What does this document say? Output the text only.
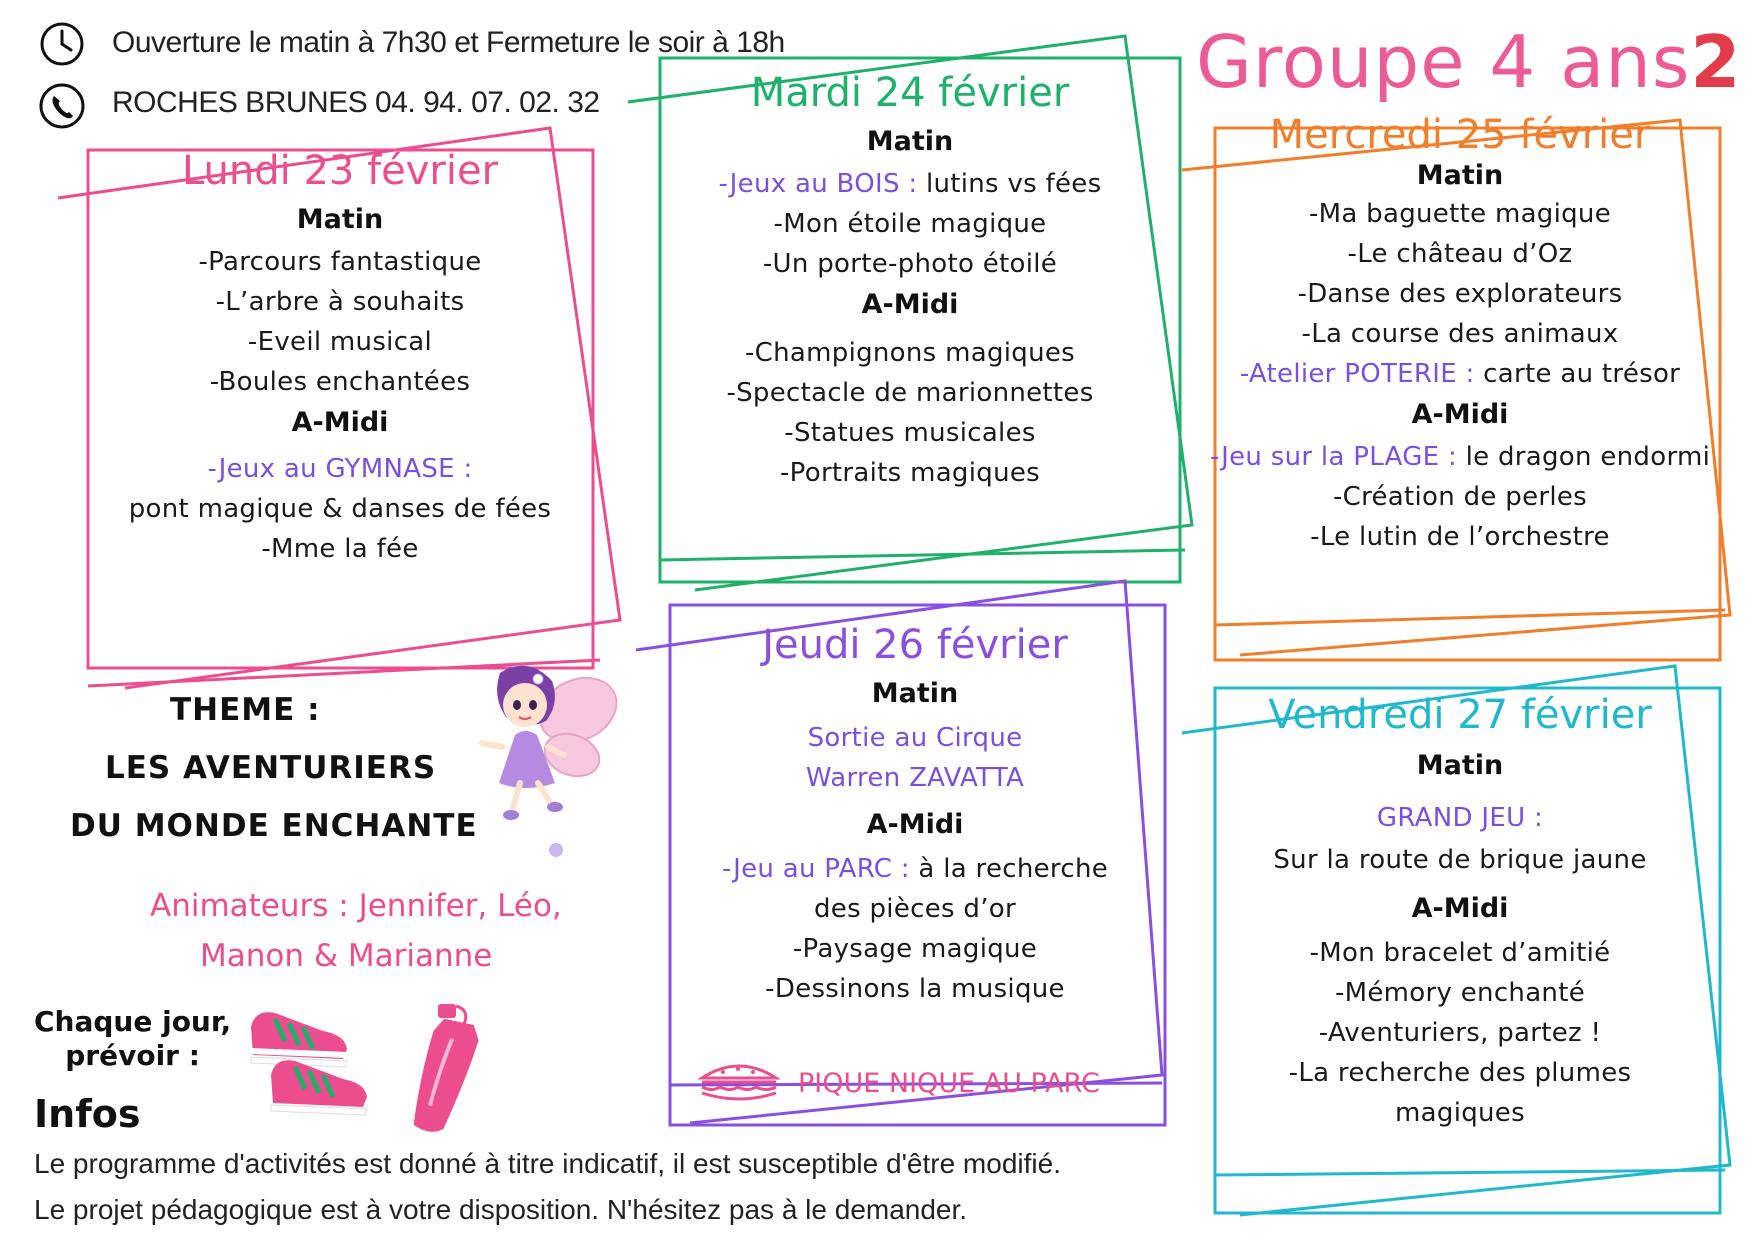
Ouverture le matin à 7h30 et Fermeture le soir à 18h
ROCHES BRUNES 04. 94. 07. 02. 32	Groupe 4 ans2
Lundi 23 février
Matin
-Parcours fantastique
-L’arbre à souhaits
-Eveil musical
-Boules enchantées
A-Midi
-Jeux au GYMNASE :
pont magique & danses de fées
-Mme la fée
Mardi 24 février
Matin
-Jeux au BOIS : lutins vs fées
-Mon étoile magique
-Un porte-photo étoilé
A-Midi
-Champignons magiques
-Spectacle de marionnettes
-Statues musicales
-Portraits magiques
Mercredi 25 février
Matin
-Ma baguette magique
-Le château d’Oz
-Danse des explorateurs
-La course des animaux
-Atelier POTERIE : carte au trésor
A-Midi
-Jeu sur la PLAGE : le dragon endormi
-Création de perles
-Le lutin de l’orchestre
Jeudi 26 février
Matin
Sortie au Cirque
Warren ZAVATTA
A-Midi
-Jeu au PARC : à la recherche
des pièces d’or
-Paysage magique
-Dessinons la musique
PIQUE NIQUE AU PARC
Vendredi 27 février
Matin
GRAND JEU :
Sur la route de brique jaune
A-Midi
-Mon bracelet d’amitié
-Mémory enchanté
-Aventuriers, partez !
-La recherche des plumes
magiques
THEME :
LES AVENTURIERS
DU MONDE ENCHANTE
Animateurs : Jennifer, Léo,
Manon & Marianne
Chaque jour,
prévoir :
Infos
Le programme d'activités est donné à titre indicatif, il est susceptible d'être modifié.
Le projet pédagogique est à votre disposition. N'hésitez pas à le demander.
